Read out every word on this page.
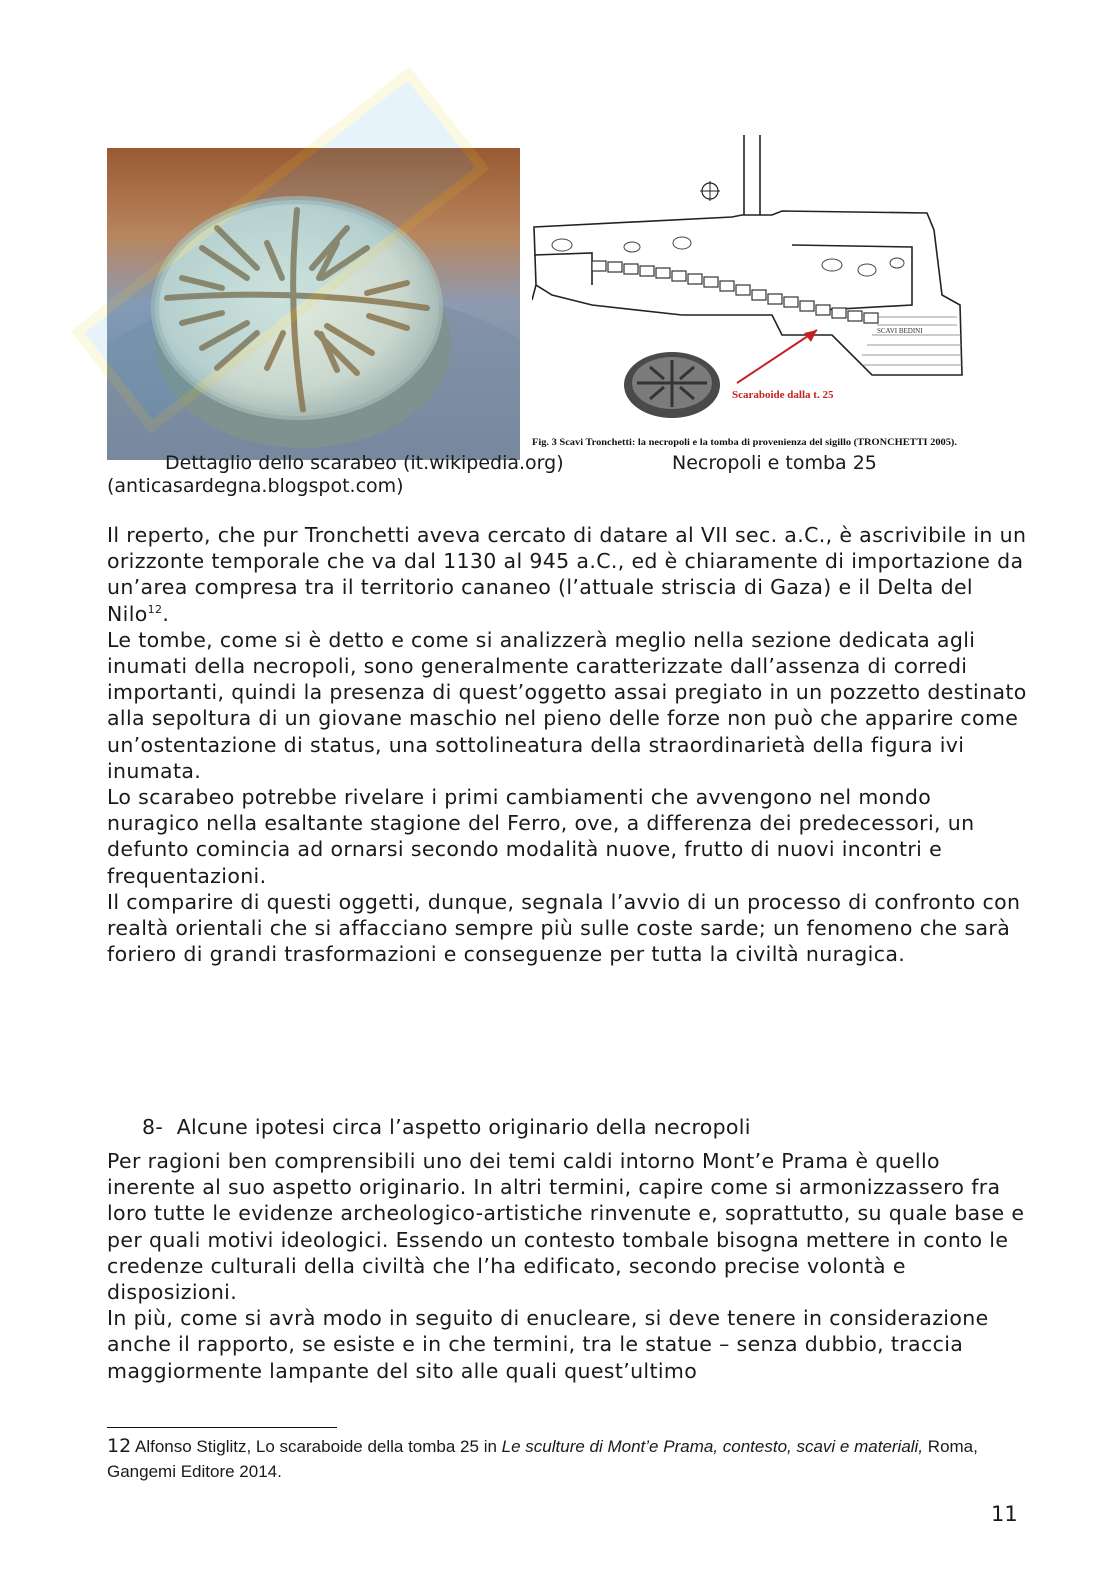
Scaraboide dalla t. 25
SCAVI BEDINI
Fig. 3 Scavi Tronchetti: la necropoli e la tomba di provenienza del sigillo (TRONCHETTI 2005).
Dettaglio dello scarabeo (it.wikipedia.org)	Necropoli e tomba 25
(anticasardegna.blogspot.com)

Il reperto, che pur Tronchetti aveva cercato di datare al VII sec. a.C., è ascrivibile in un orizzonte temporale che va dal 1130 al 945 a.C., ed è chiaramente di importazione da un’area compresa tra il territorio cananeo (l’attuale striscia di Gaza) e il Delta del Nilo$^{12}$.

Le tombe, come si è detto e come si analizzerà meglio nella sezione dedicata agli inumati della necropoli, sono generalmente caratterizzate dall’assenza di corredi importanti, quindi la presenza di quest’oggetto assai pregiato in un pozzetto destinato alla sepoltura di un giovane maschio nel pieno delle forze non può che apparire come un’ostentazione di status, una sottolineatura della straordinarietà della figura ivi inumata.

Lo scarabeo potrebbe rivelare i primi cambiamenti che avvengono nel mondo nuragico nella esaltante stagione del Ferro, ove, a differenza dei predecessori, un defunto comincia ad ornarsi secondo modalità nuove, frutto di nuovi incontri e frequentazioni.

Il comparire di questi oggetti, dunque, segnala l’avvio di un processo di confronto con realtà orientali che si affacciano sempre più sulle coste sarde; un fenomeno che sarà foriero di grandi trasformazioni e conseguenze per tutta la civiltà nuragica.

8- Alcune ipotesi circa l’aspetto originario della necropoli

Per ragioni ben comprensibili uno dei temi caldi intorno Mont’e Prama è quello inerente al suo aspetto originario. In altri termini, capire come si armonizzassero fra loro tutte le evidenze archeologico-artistiche rinvenute e, soprattutto, su quale base e per quali motivi ideologici. Essendo un contesto tombale bisogna mettere in conto le credenze culturali della civiltà che l’ha edificato, secondo precise volontà e disposizioni.

In più, come si avrà modo in seguito di enucleare, si deve tenere in considerazione anche il rapporto, se esiste e in che termini, tra le statue – senza dubbio, traccia maggiormente lampante del sito alle quali quest’ultimo

12 Alfonso Stiglitz, Lo scaraboide della tomba 25 in Le sculture di Mont’e Prama, contesto, scavi e materiali, Roma, Gangemi Editore 2014.
11
